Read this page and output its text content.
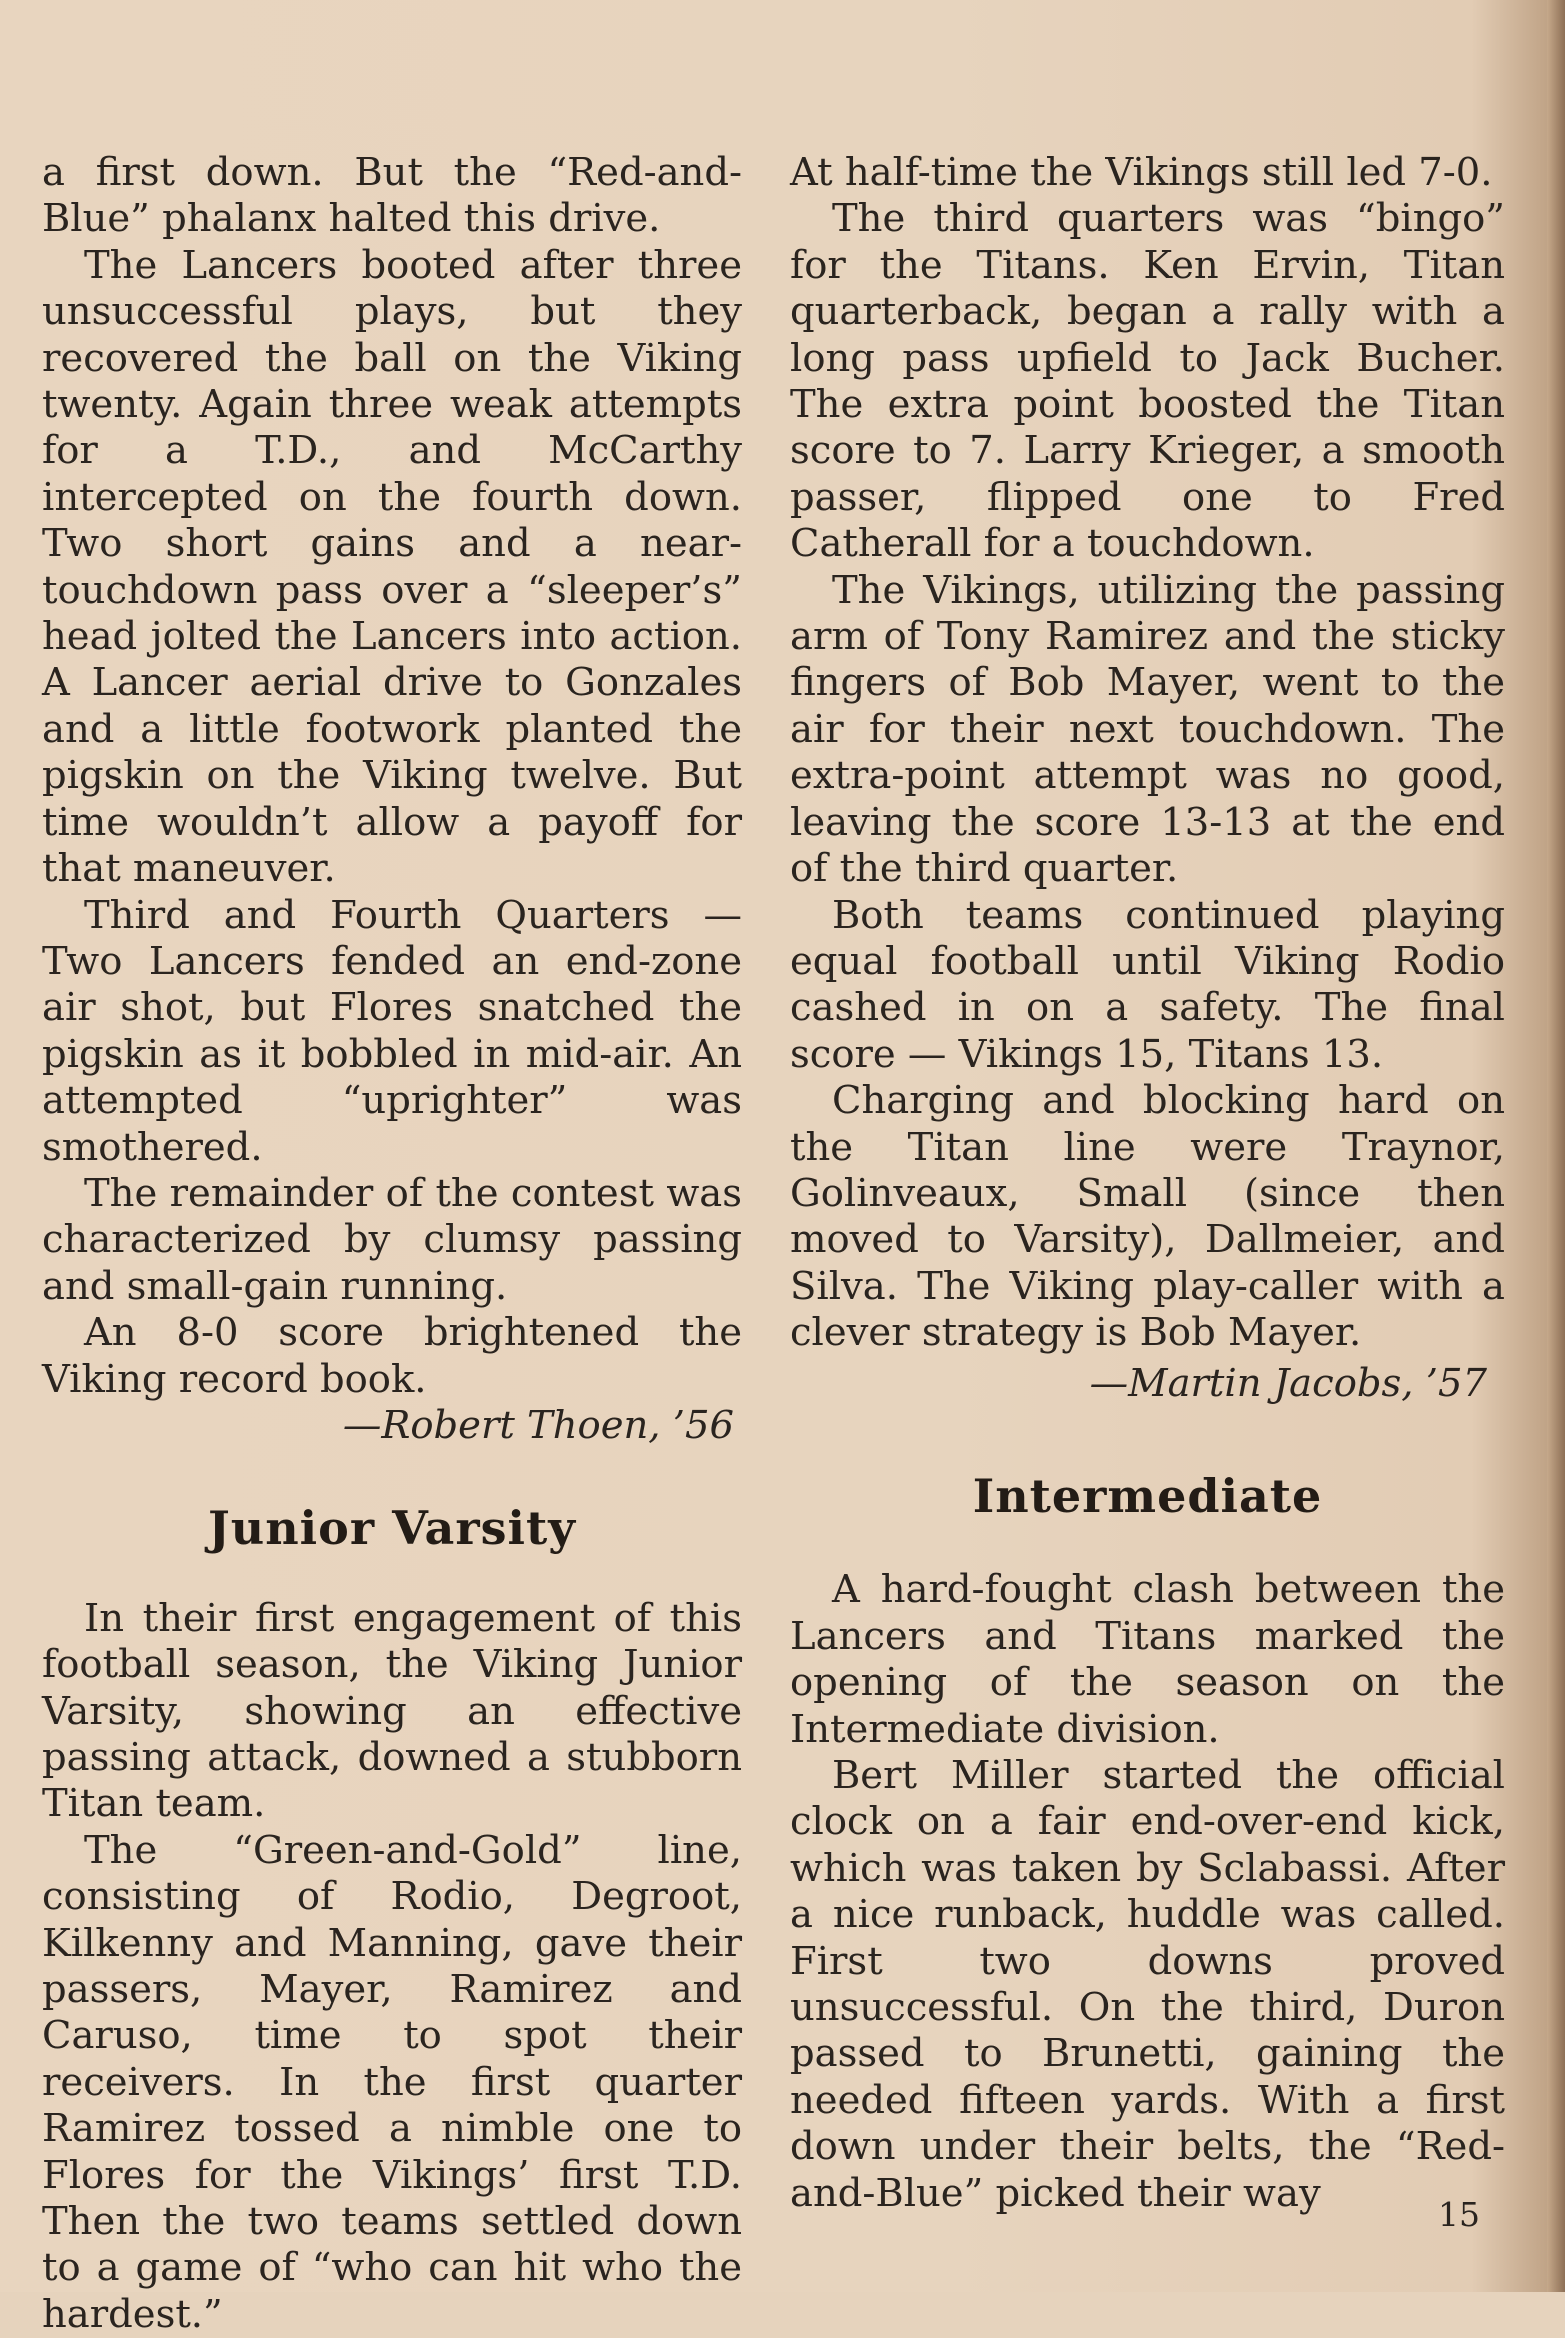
a first down. But the “Red-and-Blue” phalanx halted this drive.

The Lancers booted after three unsuccessful plays, but they recovered the ball on the Viking twenty. Again three weak attempts for a T.D., and McCarthy intercepted on the fourth down. Two short gains and a near-touchdown pass over a “sleeper’s” head jolted the Lancers into action. A Lancer aerial drive to Gonzales and a little footwork planted the pigskin on the Viking twelve. But time wouldn’t allow a payoff for that maneuver.

Third and Fourth Quarters — Two Lancers fended an end-zone air shot, but Flores snatched the pigskin as it bobbled in mid-air. An attempted “uprighter” was smothered.

The remainder of the contest was characterized by clumsy passing and small-gain running.

An 8-0 score brightened the Viking record book.

—Robert Thoen, ’56

Junior Varsity

In their first engagement of this football season, the Viking Junior Varsity, showing an effective passing attack, downed a stubborn Titan team.

The “Green-and-Gold” line, consisting of Rodio, Degroot, Kilkenny and Manning, gave their passers, Mayer, Ramirez and Caruso, time to spot their receivers. In the first quarter Ramirez tossed a nimble one to Flores for the Vikings’ first T.D. Then the two teams settled down to a game of “who can hit who the hardest.”

At half-time the Vikings still led 7-0.

The third quarters was “bingo” for the Titans. Ken Ervin, Titan quarterback, began a rally with a long pass upfield to Jack Bucher. The extra point boosted the Titan score to 7. Larry Krieger, a smooth passer, flipped one to Fred Catherall for a touchdown.

The Vikings, utilizing the passing arm of Tony Ramirez and the sticky fingers of Bob Mayer, went to the air for their next touchdown. The extra-point attempt was no good, leaving the score 13-13 at the end of the third quarter.

Both teams continued playing equal football until Viking Rodio cashed in on a safety. The final score — Vikings 15, Titans 13.

Charging and blocking hard on the Titan line were Traynor, Golinveaux, Small (since then moved to Varsity), Dallmeier, and Silva. The Viking play-caller with a clever strategy is Bob Mayer.

—Martin Jacobs, ’57

Intermediate

A hard-fought clash between the Lancers and Titans marked the opening of the season on the Intermediate division.

Bert Miller started the official clock on a fair end-over-end kick, which was taken by Sclabassi. After a nice runback, huddle was called. First two downs proved unsuccessful. On the third, Duron passed to Brunetti, gaining the needed fifteen yards. With a first down under their belts, the “Red-and-Blue” picked their way	15
